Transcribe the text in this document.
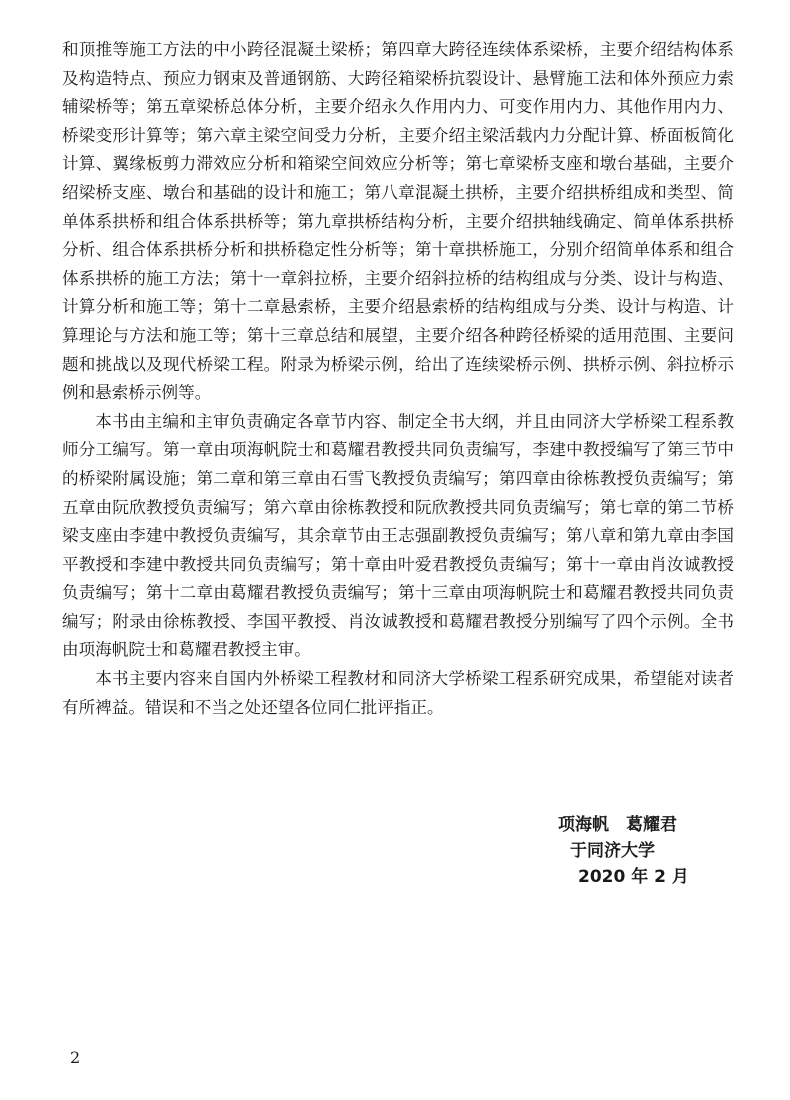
和顶推等施工方法的中小跨径混凝土梁桥；第四章大跨径连续体系梁桥，主要介绍结构体系及构造特点、预应力钢束及普通钢筋、大跨径箱梁桥抗裂设计、悬臂施工法和体外预应力索辅梁桥等；第五章梁桥总体分析，主要介绍永久作用内力、可变作用内力、其他作用内力、桥梁变形计算等；第六章主梁空间受力分析，主要介绍主梁活载内力分配计算、桥面板简化计算、翼缘板剪力滞效应分析和箱梁空间效应分析等；第七章梁桥支座和墩台基础，主要介绍梁桥支座、墩台和基础的设计和施工；第八章混凝土拱桥，主要介绍拱桥组成和类型、简单体系拱桥和组合体系拱桥等；第九章拱桥结构分析，主要介绍拱轴线确定、简单体系拱桥分析、组合体系拱桥分析和拱桥稳定性分析等；第十章拱桥施工，分别介绍简单体系和组合体系拱桥的施工方法；第十一章斜拉桥，主要介绍斜拉桥的结构组成与分类、设计与构造、计算分析和施工等；第十二章悬索桥，主要介绍悬索桥的结构组成与分类、设计与构造、计算理论与方法和施工等；第十三章总结和展望，主要介绍各种跨径桥梁的适用范围、主要问题和挑战以及现代桥梁工程。附录为桥梁示例，给出了连续梁桥示例、拱桥示例、斜拉桥示例和悬索桥示例等。

本书由主编和主审负责确定各章节内容、制定全书大纲，并且由同济大学桥梁工程系教师分工编写。第一章由项海帆院士和葛耀君教授共同负责编写，李建中教授编写了第三节中的桥梁附属设施；第二章和第三章由石雪飞教授负责编写；第四章由徐栋教授负责编写；第五章由阮欣教授负责编写；第六章由徐栋教授和阮欣教授共同负责编写；第七章的第二节桥梁支座由李建中教授负责编写，其余章节由王志强副教授负责编写；第八章和第九章由李国平教授和李建中教授共同负责编写；第十章由叶爱君教授负责编写；第十一章由肖汝诚教授负责编写；第十二章由葛耀君教授负责编写；第十三章由项海帆院士和葛耀君教授共同负责编写；附录由徐栋教授、李国平教授、肖汝诚教授和葛耀君教授分别编写了四个示例。全书由项海帆院士和葛耀君教授主审。

本书主要内容来自国内外桥梁工程教材和同济大学桥梁工程系研究成果，希望能对读者有所裨益。错误和不当之处还望各位同仁批评指正。

项海帆　葛耀君
于同济大学
2020 年 2 月
2
